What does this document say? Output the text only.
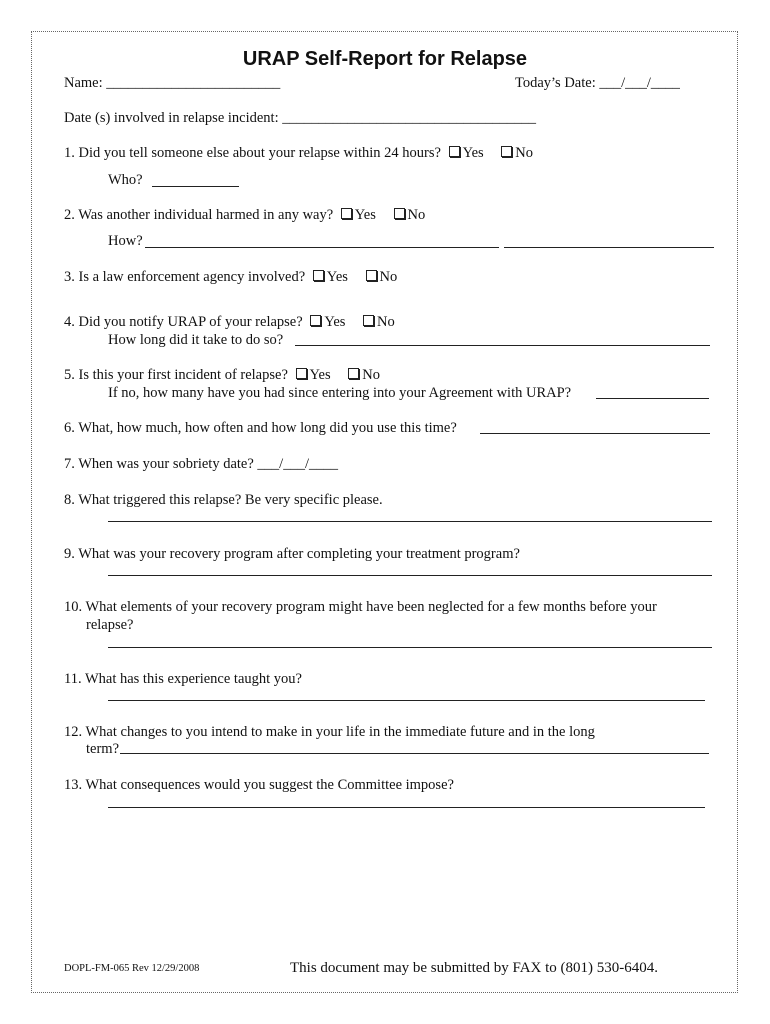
URAP Self-Report for Relapse
Name: ________________________	Today’s Date: ___/___/____
Date (s) involved in relapse incident: ___________________________________
1. Did you tell someone else about your relapse within 24 hours? Yes No
Who?
2. Was another individual harmed in any way? Yes No
How?
3. Is a law enforcement agency involved? Yes No
4. Did you notify URAP of your relapse? Yes No
How long did it take to do so?
5. Is this your first incident of relapse? Yes No
If no, how many have you had since entering into your Agreement with URAP?
6. What, how much, how often and how long did you use this time?
7. When was your sobriety date? ___/___/____
8. What triggered this relapse? Be very specific please.
9. What was your recovery program after completing your treatment program?
10. What elements of your recovery program might have been neglected for a few months before your
relapse?
11. What has this experience taught you?
12. What changes to you intend to make in your life in the immediate future and in the long
term?
13. What consequences would you suggest the Committee impose?
DOPL-FM-065 Rev 12/29/2008	This document may be submitted by FAX to (801) 530-6404.
